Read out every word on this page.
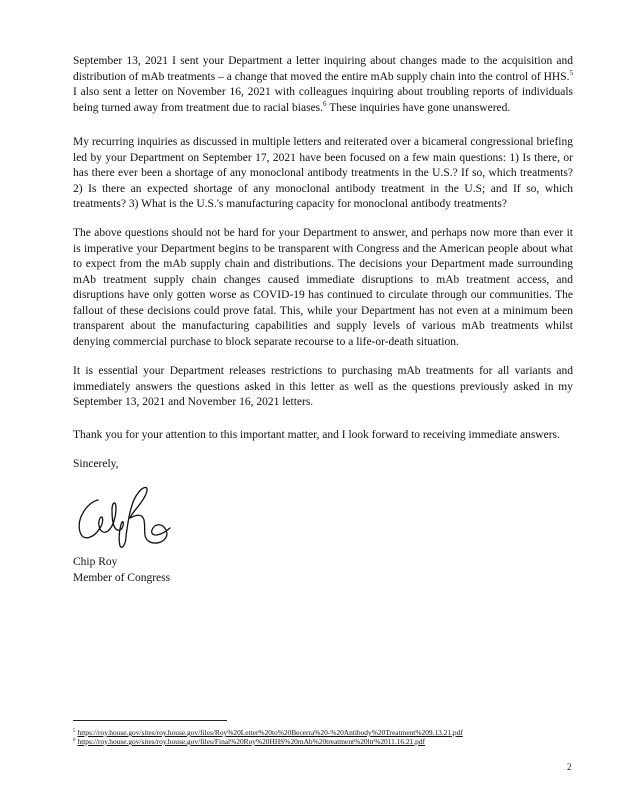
September 13, 2021 I sent your Department a letter inquiring about changes made to the acquisition and distribution of mAb treatments – a change that moved the entire mAb supply chain into the control of HHS.$^5$ I also sent a letter on November 16, 2021 with colleagues inquiring about troubling reports of individuals being turned away from treatment due to racial biases.$^6$ These inquiries have gone unanswered.

My recurring inquiries as discussed in multiple letters and reiterated over a bicameral congressional briefing led by your Department on September 17, 2021 have been focused on a few main questions: 1) Is there, or has there ever been a shortage of any monoclonal antibody treatments in the U.S.? If so, which treatments? 2) Is there an expected shortage of any monoclonal antibody treatment in the U.S; and If so, which treatments? 3) What is the U.S.'s manufacturing capacity for monoclonal antibody treatments?

The above questions should not be hard for your Department to answer, and perhaps now more than ever it is imperative your Department begins to be transparent with Congress and the American people about what to expect from the mAb supply chain and distributions. The decisions your Department made surrounding mAb treatment supply chain changes caused immediate disruptions to mAb treatment access, and disruptions have only gotten worse as COVID-19 has continued to circulate through our communities. The fallout of these decisions could prove fatal. This, while your Department has not even at a minimum been transparent about the manufacturing capabilities and supply levels of various mAb treatments whilst denying commercial purchase to block separate recourse to a life-or-death situation.

It is essential your Department releases restrictions to purchasing mAb treatments for all variants and immediately answers the questions asked in this letter as well as the questions previously asked in my September 13, 2021 and November 16, 2021 letters.

Thank you for your attention to this important matter, and I look forward to receiving immediate answers.

Sincerely,

Chip Roy

Member of Congress

$^5$ https://roy.house.gov/sites/roy.house.gov/files/Roy%20Letter%20to%20Becerra%20-%20Antibody%20Treatment%209.13.21.pdf

$^6$ https://roy.house.gov/sites/roy.house.gov/files/Final%20Roy%20HHS%20mAb%20treatment%20ltr%2011.16.21.pdf

2
